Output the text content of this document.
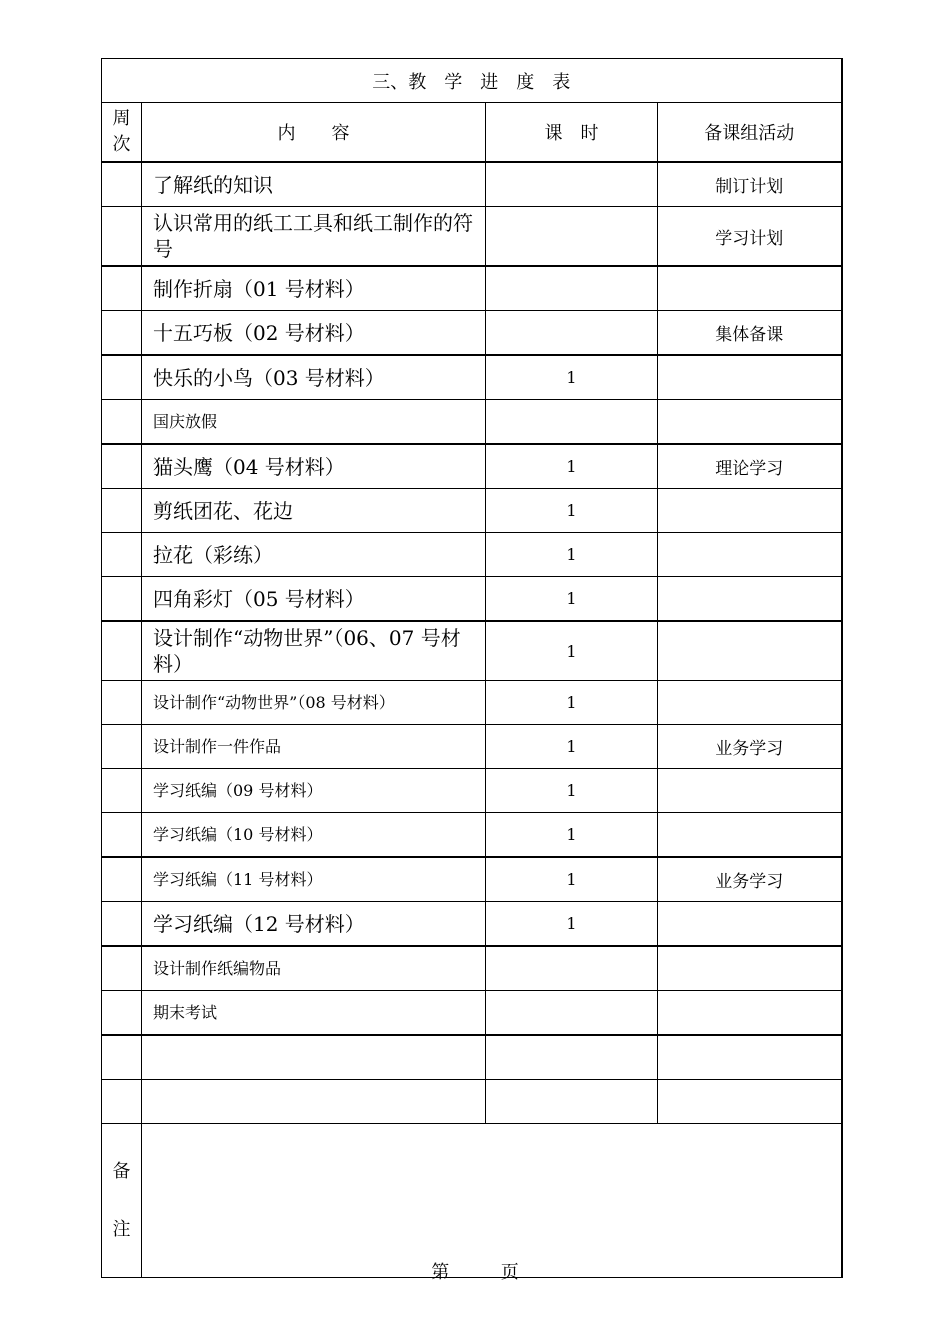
三、教　学　进　度　表			

周次	内　　容	课　时	备课组活动
	了解纸的知识		制订计划
	认识常用的纸工工具和纸工制作的符号		学习计划
	制作折扇（01 号材料）		
	十五巧板（02 号材料）		集体备课
	快乐的小鸟（03 号材料）	1	
	国庆放假		
	猫头鹰（04 号材料）	1	理论学习
	剪纸团花、花边	1	
	拉花（彩练）	1	
	四角彩灯（05 号材料）	1	
	设计制作“动物世界”（06、07 号材料）	1	
	设计制作“动物世界”（08 号材料）	1	
	设计制作一件作品	1	业务学习
	学习纸编（09 号材料）	1	
	学习纸编（10 号材料）	1	
	学习纸编（11 号材料）	1	业务学习
	学习纸编（12 号材料）	1	
	设计制作纸编物品		
	期末考试		

备
注			

第	页
